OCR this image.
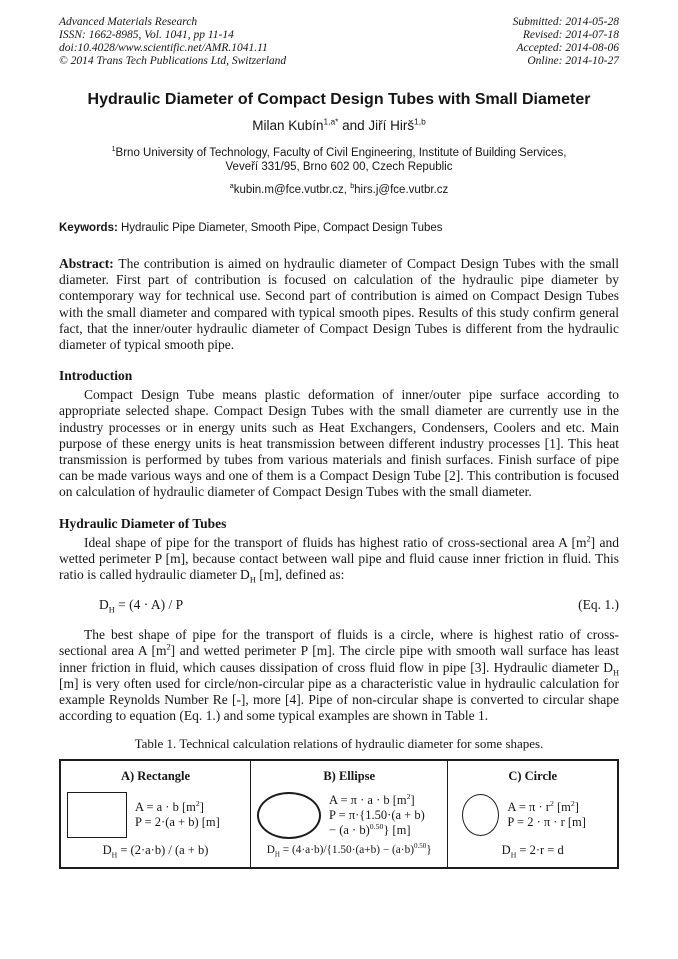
Advanced Materials Research
ISSN: 1662-8985, Vol. 1041, pp 11-14
doi:10.4028/www.scientific.net/AMR.1041.11
© 2014 Trans Tech Publications Ltd, Switzerland
Submitted: 2014-05-28
Revised: 2014-07-18
Accepted: 2014-08-06
Online: 2014-10-27
Hydraulic Diameter of Compact Design Tubes with Small Diameter
Milan Kubín$^{1,a*}$ and Jiří Hirš$^{1,b}$
$^1$Brno University of Technology, Faculty of Civil Engineering, Institute of Building Services,
Veveří 331/95, Brno 602 00, Czech Republic
$^a$kubin.m@fce.vutbr.cz, $^b$hirs.j@fce.vutbr.cz
Keywords: Hydraulic Pipe Diameter, Smooth Pipe, Compact Design Tubes
Abstract: The contribution is aimed on hydraulic diameter of Compact Design Tubes with the small diameter. First part of contribution is focused on calculation of the hydraulic pipe diameter by contemporary way for technical use. Second part of contribution is aimed on Compact Design Tubes with the small diameter and compared with typical smooth pipes. Results of this study confirm general fact, that the inner/outer hydraulic diameter of Compact Design Tubes is different from the hydraulic diameter of typical smooth pipe.
Introduction
Compact Design Tube means plastic deformation of inner/outer pipe surface according to appropriate selected shape. Compact Design Tubes with the small diameter are currently use in the industry processes or in energy units such as Heat Exchangers, Condensers, Coolers and etc. Main purpose of these energy units is heat transmission between different industry processes [1]. This heat transmission is performed by tubes from various materials and finish surfaces. Finish surface of pipe can be made various ways and one of them is a Compact Design Tube [2]. This contribution is focused on calculation of hydraulic diameter of Compact Design Tubes with the small diameter.
Hydraulic Diameter of Tubes
Ideal shape of pipe for the transport of fluids has highest ratio of cross-sectional area A $[m^2]$ and wetted perimeter P [m], because contact between wall pipe and fluid cause inner friction in fluid. This ratio is called hydraulic diameter $D_H$ [m], defined as:
$D_H = (4 \cdot A) / P$	(Eq. 1.)
The best shape of pipe for the transport of fluids is a circle, where is highest ratio of cross-sectional area A $[m^2]$ and wetted perimeter P [m]. The circle pipe with smooth wall surface has least inner friction in fluid, which causes dissipation of cross fluid flow in pipe [3]. Hydraulic diameter $D_H$ [m] is very often used for circle/non-circular pipe as a characteristic value in hydraulic calculation for example Reynolds Number Re [-], more [4]. Pipe of non-circular shape is converted to circular shape according to equation (Eq. 1.) and some typical examples are shown in Table 1.
Table 1. Technical calculation relations of hydraulic diameter for some shapes.
A) Rectangle
A = a · b $[m^2]$
P = 2·(a + b) [m]
$D_H = (2\cdot a\cdot b) / (a + b)$
B) Ellipse
A = π · a · b $[m^2]$
P = π·{1.50·(a + b)
− $(a \cdot b)^{0.50}$} [m]
$D_H = (4\cdot a\cdot b)/\{1.50\cdot(a+b) - (a\cdot b)^{0.50}\}$
C) Circle
$A = \pi \cdot r^2$ $[m^2]$
P = 2 · π · r [m]
$D_H = 2\cdot r = d$
